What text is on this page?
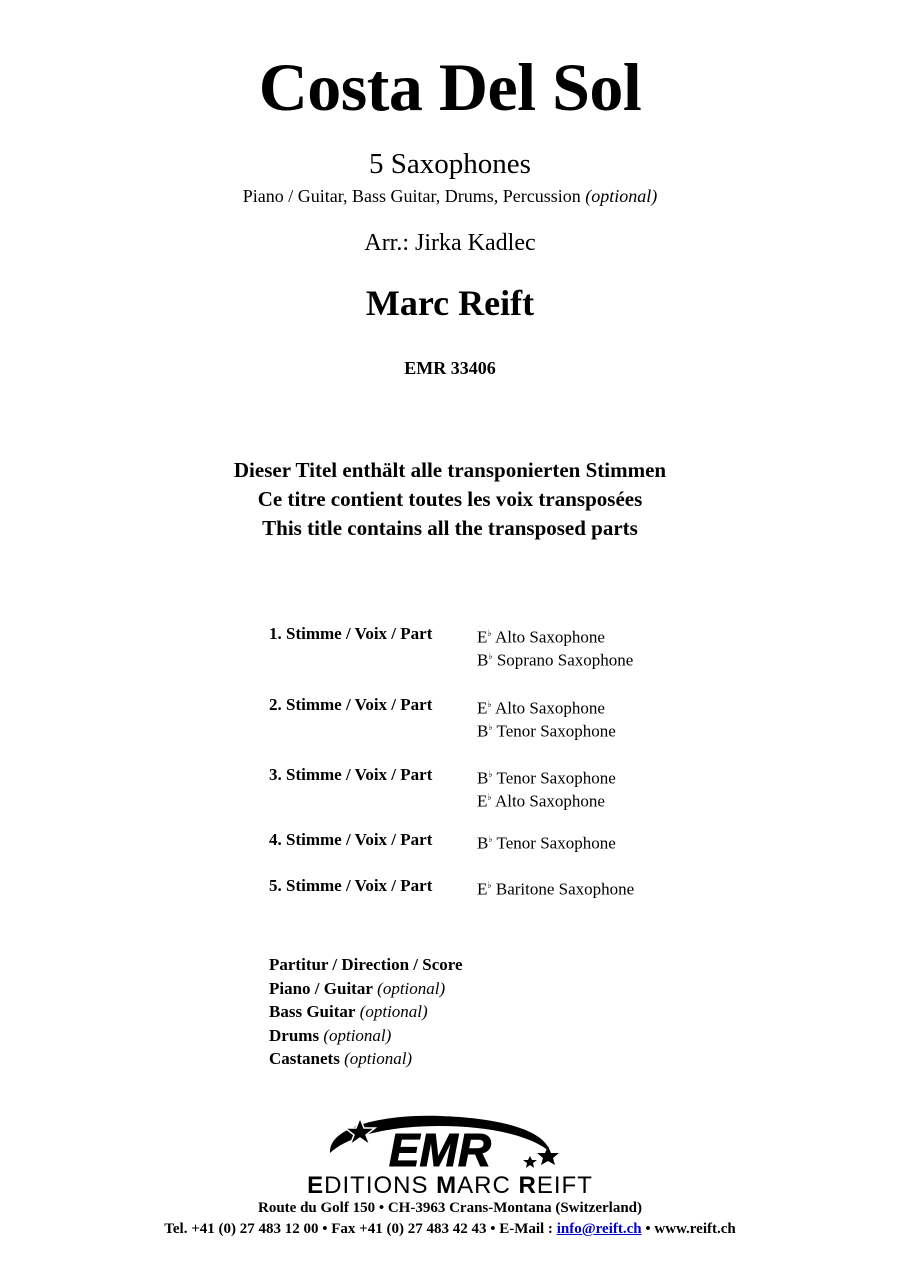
Costa Del Sol
5 Saxophones
Piano / Guitar, Bass Guitar, Drums, Percussion (optional)
Arr.: Jirka Kadlec
Marc Reift
EMR 33406
Dieser Titel enthält alle transponierten Stimmen
Ce titre contient toutes les voix transposées
This title contains all the transposed parts
1. Stimme / Voix / Part	E♭ Alto Saxophone
B♭ Soprano Saxophone
2. Stimme / Voix / Part	E♭ Alto Saxophone
B♭ Tenor Saxophone
3. Stimme / Voix / Part	B♭ Tenor Saxophone
E♭ Alto Saxophone
4. Stimme / Voix / Part	B♭ Tenor Saxophone
5. Stimme / Voix / Part	E♭ Baritone Saxophone
Partitur / Direction / Score
Piano / Guitar (optional)
Bass Guitar (optional)
Drums (optional)
Castanets (optional)
EMR
EDITIONS MARC REIFT
Route du Golf 150 • CH-3963 Crans-Montana (Switzerland)
Tel. +41 (0) 27 483 12 00 • Fax +41 (0) 27 483 42 43 • E-Mail : info@reift.ch • www.reift.ch
